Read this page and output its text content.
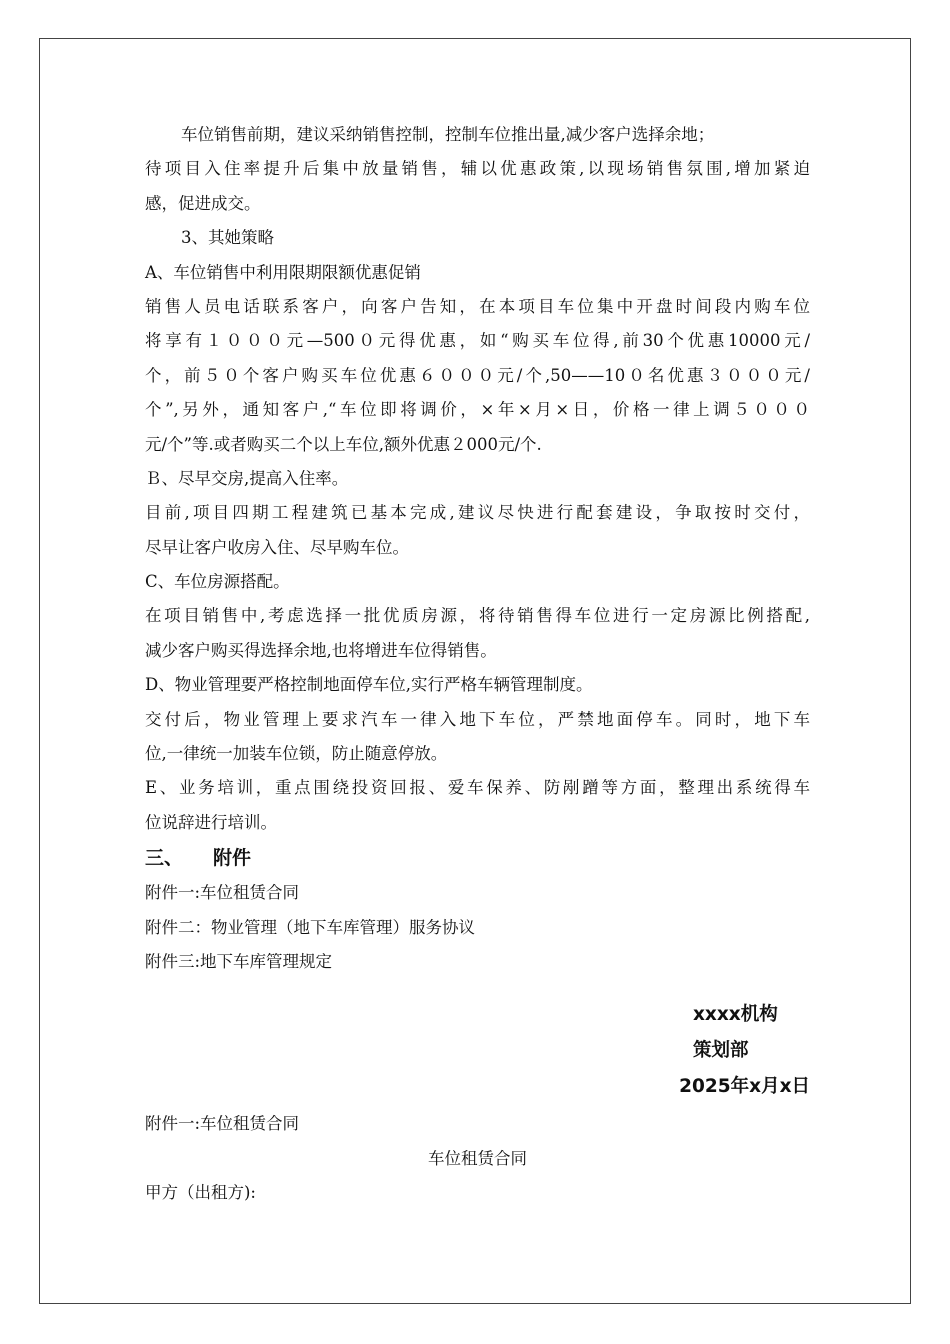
车位销售前期，建议采纳销售控制，控制车位推出量,减少客户选择余地；
待项目入住率提升后集中放量销售，辅以优惠政策,以现场销售氛围,增加紧迫
感，促进成交。
3、其她策略
A、车位销售中利用限期限额优惠促销
销售人员电话联系客户，向客户告知，在本项目车位集中开盘时间段内购车位
将享有１０００元—500０元得优惠，如“购买车位得,前30个优惠10000元/
个，前５０个客户购买车位优惠６０００元/个,50——10０名优惠３０００元/
个”,另外，通知客户,“车位即将调价，×年×月×日，价格一律上调５０００
元/个”等.或者购买二个以上车位,额外优惠２000元/个.
Ｂ、尽早交房,提高入住率。
目前,项目四期工程建筑已基本完成,建议尽快进行配套建设，争取按时交付，
尽早让客户收房入住、尽早购车位。
C、车位房源搭配。
在项目销售中,考虑选择一批优质房源，将待销售得车位进行一定房源比例搭配,
减少客户购买得选择余地,也将增进车位得销售。
D、物业管理要严格控制地面停车位,实行严格车辆管理制度。
交付后，物业管理上要求汽车一律入地下车位，严禁地面停车。同时，地下车
位,一律统一加装车位锁，防止随意停放。
E、业务培训，重点围绕投资回报、爱车保养、防剐蹭等方面，整理出系统得车
位说辞进行培训。
三、 附件
附件一:车位租赁合同
附件二：物业管理（地下车库管理）服务协议
附件三:地下车库管理规定
xxxx机构
策划部
2025年x月x日
附件一:车位租赁合同
车位租赁合同
甲方（出租方):
